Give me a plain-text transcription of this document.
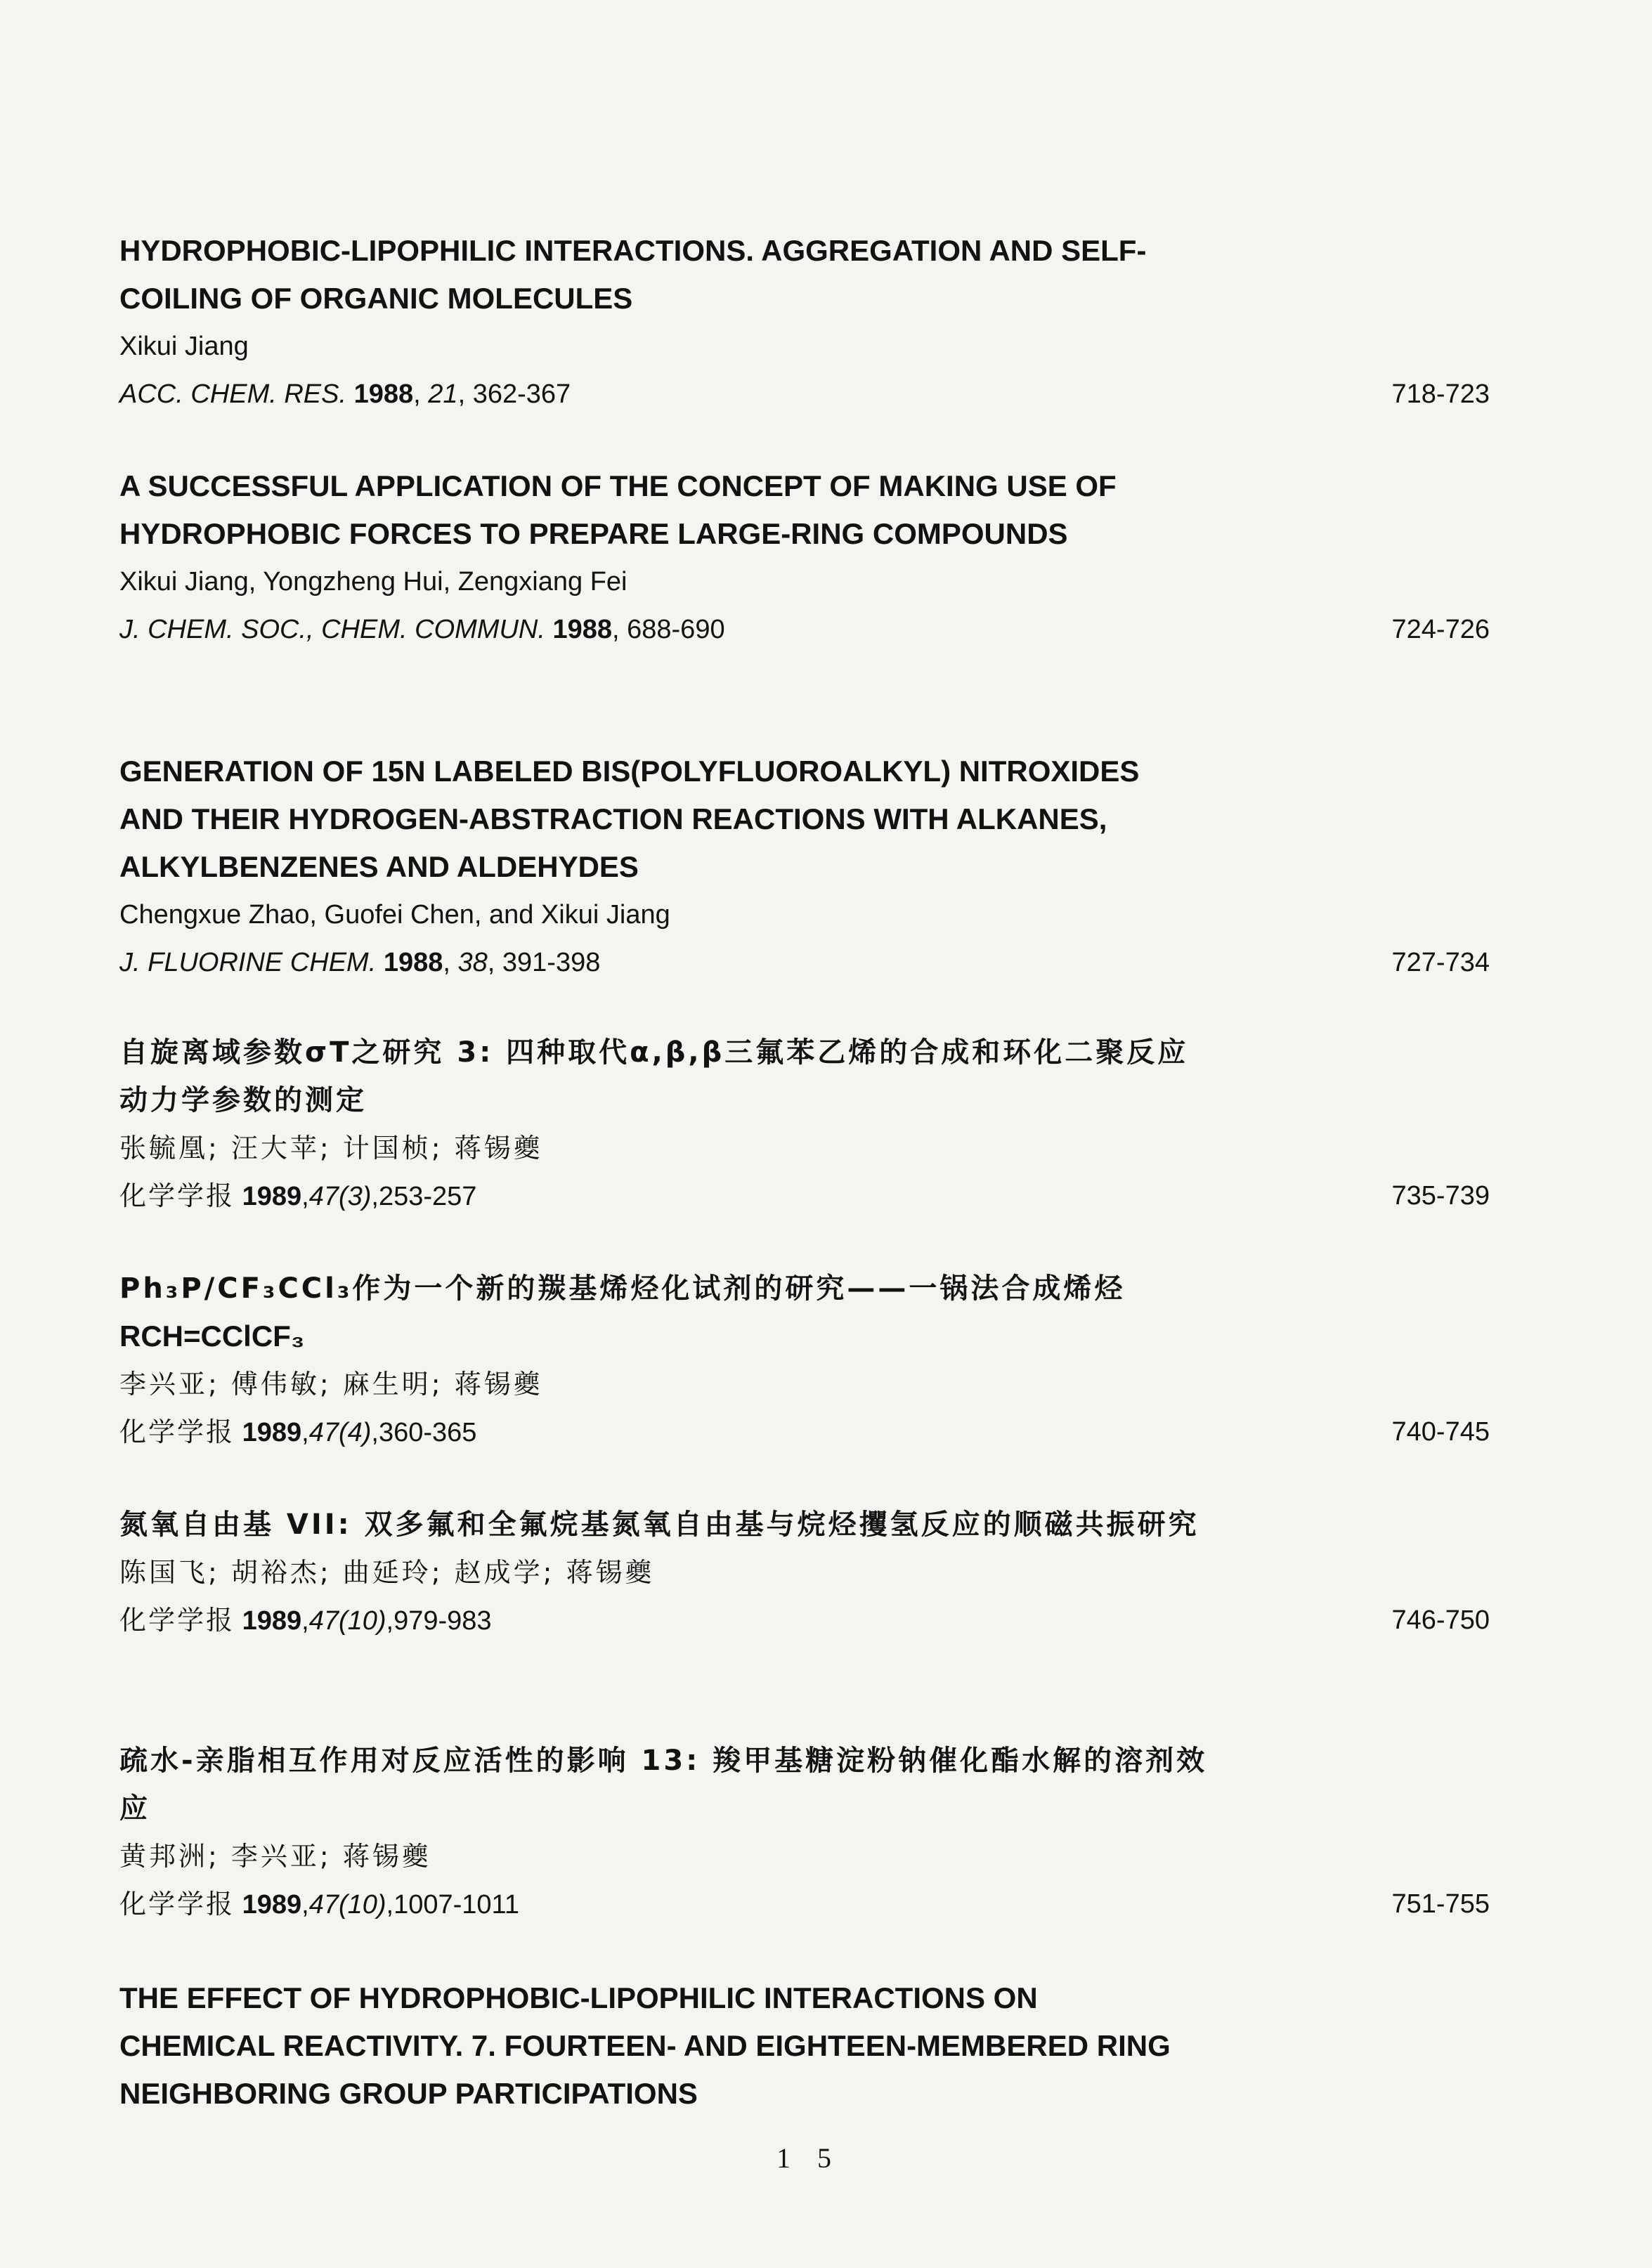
HYDROPHOBIC-LIPOPHILIC INTERACTIONS. AGGREGATION AND SELF-COILING OF ORGANIC MOLECULES

Xikui Jiang

ACC. CHEM. RES. 1988, 21, 362-367	718-723

A SUCCESSFUL APPLICATION OF THE CONCEPT OF MAKING USE OF HYDROPHOBIC FORCES TO PREPARE LARGE-RING COMPOUNDS

Xikui Jiang, Yongzheng Hui, Zengxiang Fei

J. CHEM. SOC., CHEM. COMMUN. 1988, 688-690	724-726

GENERATION OF 15N LABELED BIS(POLYFLUOROALKYL) NITROXIDES AND THEIR HYDROGEN-ABSTRACTION REACTIONS WITH ALKANES, ALKYLBENZENES AND ALDEHYDES

Chengxue Zhao, Guofei Chen, and Xikui Jiang

J. FLUORINE CHEM. 1988, 38, 391-398	727-734

自旋离域参数σT之研究 3: 四种取代α,β,β三氟苯乙烯的合成和环化二聚反应动力学参数的测定

张毓凰; 汪大苹; 计国桢; 蒋锡夔

化学学报 1989,47(3),253-257	735-739

Ph₃P/CF₃CCl₃作为一个新的羰基烯烃化试剂的研究——一锅法合成烯烃

RCH=CClCF₃

李兴亚; 傅伟敏; 麻生明; 蒋锡夔

化学学报 1989,47(4),360-365	740-745

氮氧自由基 VII: 双多氟和全氟烷基氮氧自由基与烷烃攫氢反应的顺磁共振研究

陈国飞; 胡裕杰; 曲延玲; 赵成学; 蒋锡夔

化学学报 1989,47(10),979-983	746-750

疏水-亲脂相互作用对反应活性的影响 13: 羧甲基糖淀粉钠催化酯水解的溶剂效应

黄邦洲; 李兴亚; 蒋锡夔

化学学报 1989,47(10),1007-1011	751-755

THE EFFECT OF HYDROPHOBIC-LIPOPHILIC INTERACTIONS ON CHEMICAL REACTIVITY. 7. FOURTEEN- AND EIGHTEEN-MEMBERED RING NEIGHBORING GROUP PARTICIPATIONS

1 5
